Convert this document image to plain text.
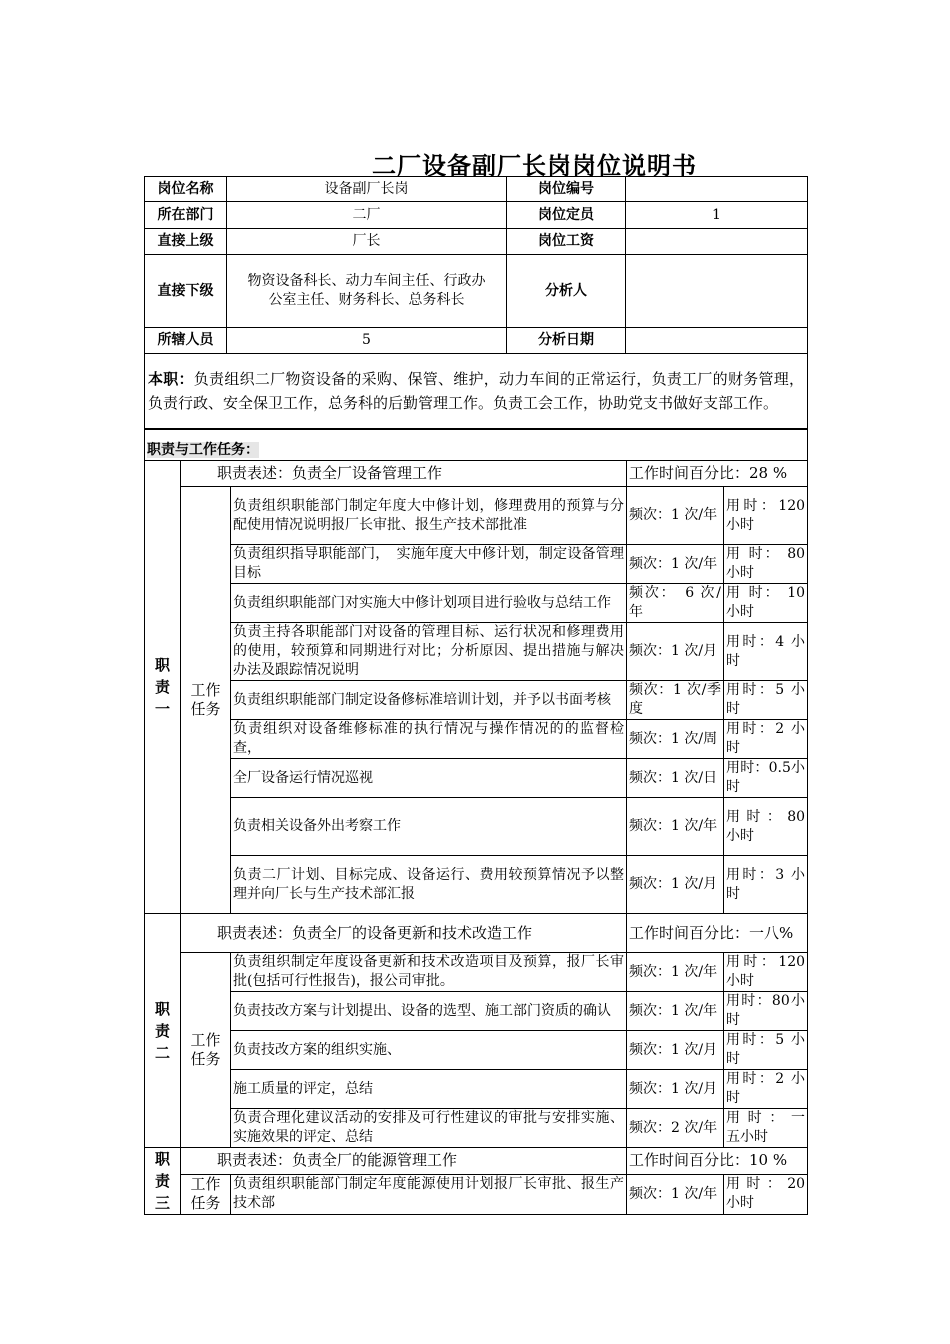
二厂设备副厂长岗岗位说明书
岗位名称	设备副厂长岗	岗位编号	
所在部门	二厂	岗位定员	1
直接上级	厂长	岗位工资	
直接下级	物资设备科长、动力车间主任、行政办公室主任、财务科长、总务科长	分析人	
所辖人员	5	分析日期	
本职：负责组织二厂物资设备的采购、保管、维护，动力车间的正常运行，负责工厂的财务管理，负责行政、安全保卫工作，总务科的后勤管理工作。负责工会工作，协助党支书做好支部工作。			
职责与工作任务：				
职责一	职责表述：负责全厂设备管理工作		工作时间百分比：28 %	
	工作任务	负责组织职能部门制定年度大中修计划，修理费用的预算与分配使用情况说明报厂长审批、报生产技术部批准	频次：1 次/年	用时：120小时
		负责组织指导职能部门，　实施年度大中修计划，制定设备管理目标	频次：1 次/年	用 时： 80小时
		负责组织职能部门对实施大中修计划项目进行验收与总结工作	频次：　6 次/年	用 时： 10小时
		负责主持各职能部门对设备的管理目标、运行状况和修理费用的使用，较预算和同期进行对比；分析原因、提出措施与解决办法及跟踪情况说明	频次：1 次/月	用时：4 小时
		负责组织职能部门制定设备修标准培训计划，并予以书面考核	频次：1 次/季度	用时：5 小时
		负责组织对设备维修标准的执行情况与操作情况的的监督检查，	频次：1 次/周	用时：2 小时
		全厂设备运行情况巡视	频次：1 次/日	用时：0.5小时
		负责相关设备外出考察工作	频次：1 次/年	用 时 ： 80小时
		负责二厂计划、目标完成、设备运行、费用较预算情况予以整理并向厂长与生产技术部汇报	频次：1 次/月	用时：3 小时
职责二	职责表述：负责全厂的设备更新和技术改造工作		工作时间百分比：一八%	
	工作任务	负责组织制定年度设备更新和技术改造项目及预算，报厂长审批(包括可行性报告)，报公司审批。	频次：1 次/年	用时：120小时
		负责技改方案与计划提出、设备的选型、施工部门资质的确认	频次：1 次/年	用时：80小时
		负责技改方案的组织实施、	频次：1 次/月	用时：5 小时
		施工质量的评定，总结	频次：1 次/月	用时：2 小时
		负责合理化建议活动的安排及可行性建议的审批与安排实施、实施效果的评定、总结	频次：2 次/年	用 时 ： 一五小时
职责三	职责表述：负责全厂的能源管理工作		工作时间百分比：10 %	
	工作任务	负责组织职能部门制定年度能源使用计划报厂长审批、报生产技术部	频次：1 次/年	用 时 ： 20小时
